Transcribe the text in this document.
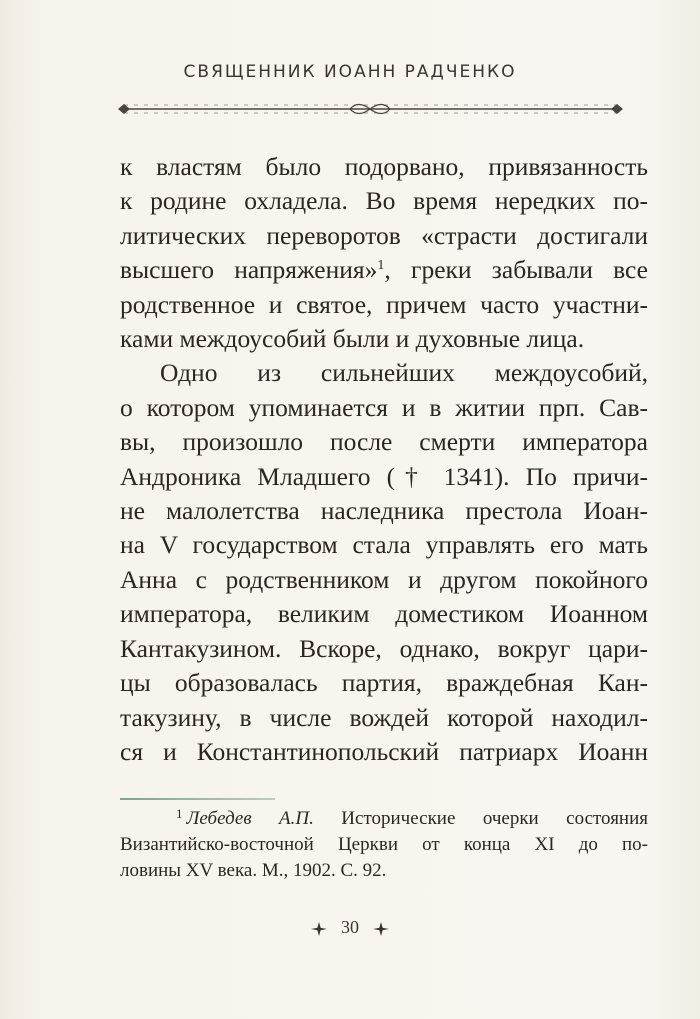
СВЯЩЕННИК ИОАНН РАДЧЕНКО
к властям было подорвано, привязанность
к родине охладела. Во время нередких по-
литических переворотов «страсти достигали
высшего напряжения»$^1$, греки забывали все
родственное и святое, причем часто участни-
ками междоусобий были и духовные лица.
Одно из сильнейших междоусобий,
о котором упоминается и в житии прп. Сав-
вы, произошло после смерти императора
Андроника Младшего († 1341). По причи-
не малолетства наследника престола Иоан-
на V государством стала управлять его мать
Анна с родственником и другом покойного
императора, великим доместиком Иоанном
Кантакузином. Вскоре, однако, вокруг цари-
цы образовалась партия, враждебная Кан-
такузину, в числе вождей которой находил-
ся и Константинопольский патриарх Иоанн
$^1$ Лебедев А.П. Исторические очерки состояния
Византийско-восточной Церкви от конца XI до по-
ловины XV века. М., 1902. С. 92.
30
